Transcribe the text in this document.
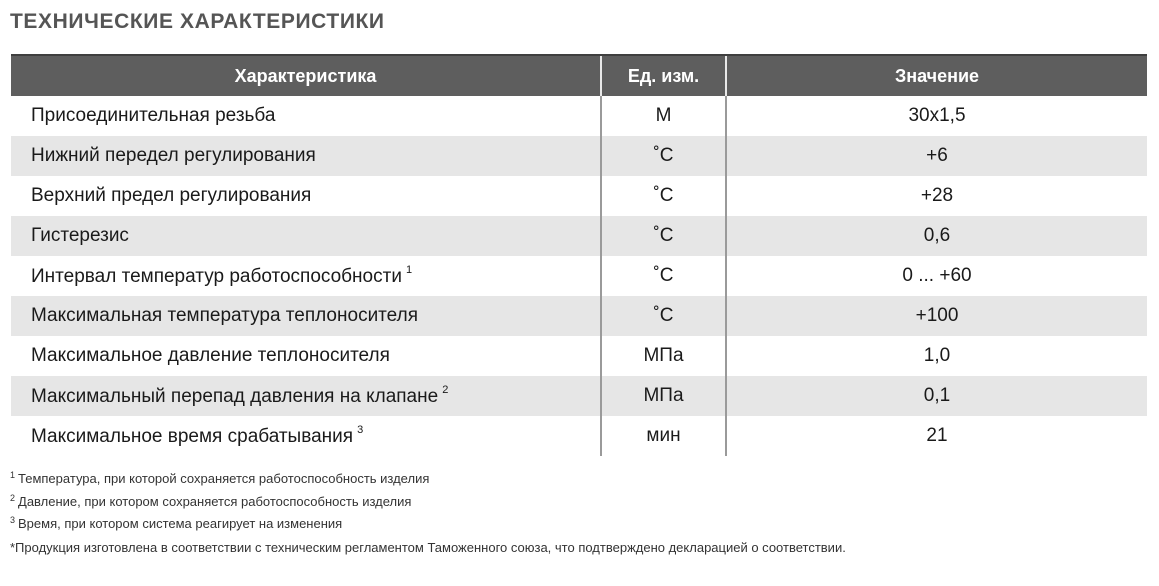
ТЕХНИЧЕСКИЕ ХАРАКТЕРИСТИКИ
Характеристика	Ед. изм.	Значение
Присоединительная резьба	М	30х1,5
Нижний передел регулирования	˚С	+6
Верхний предел регулирования	˚С	+28
Гистерезис	˚С	0,6
Интервал температур работоспособности $^1$	˚С	0 ... +60
Максимальная температура теплоносителя	˚С	+100
Максимальное давление теплоносителя	МПа	1,0
Максимальный перепад давления на клапане $^2$	МПа	0,1
Максимальное время срабатывания $^3$	мин	21
$^1$ Температура, при которой сохраняется работоспособность изделия
$^2$ Давление, при котором сохраняется работоспособность изделия
$^3$ Время, при котором система реагирует на изменения
*Продукция изготовлена в соответствии с техническим регламентом Таможенного союза, что подтверждено декларацией о соответствии.
